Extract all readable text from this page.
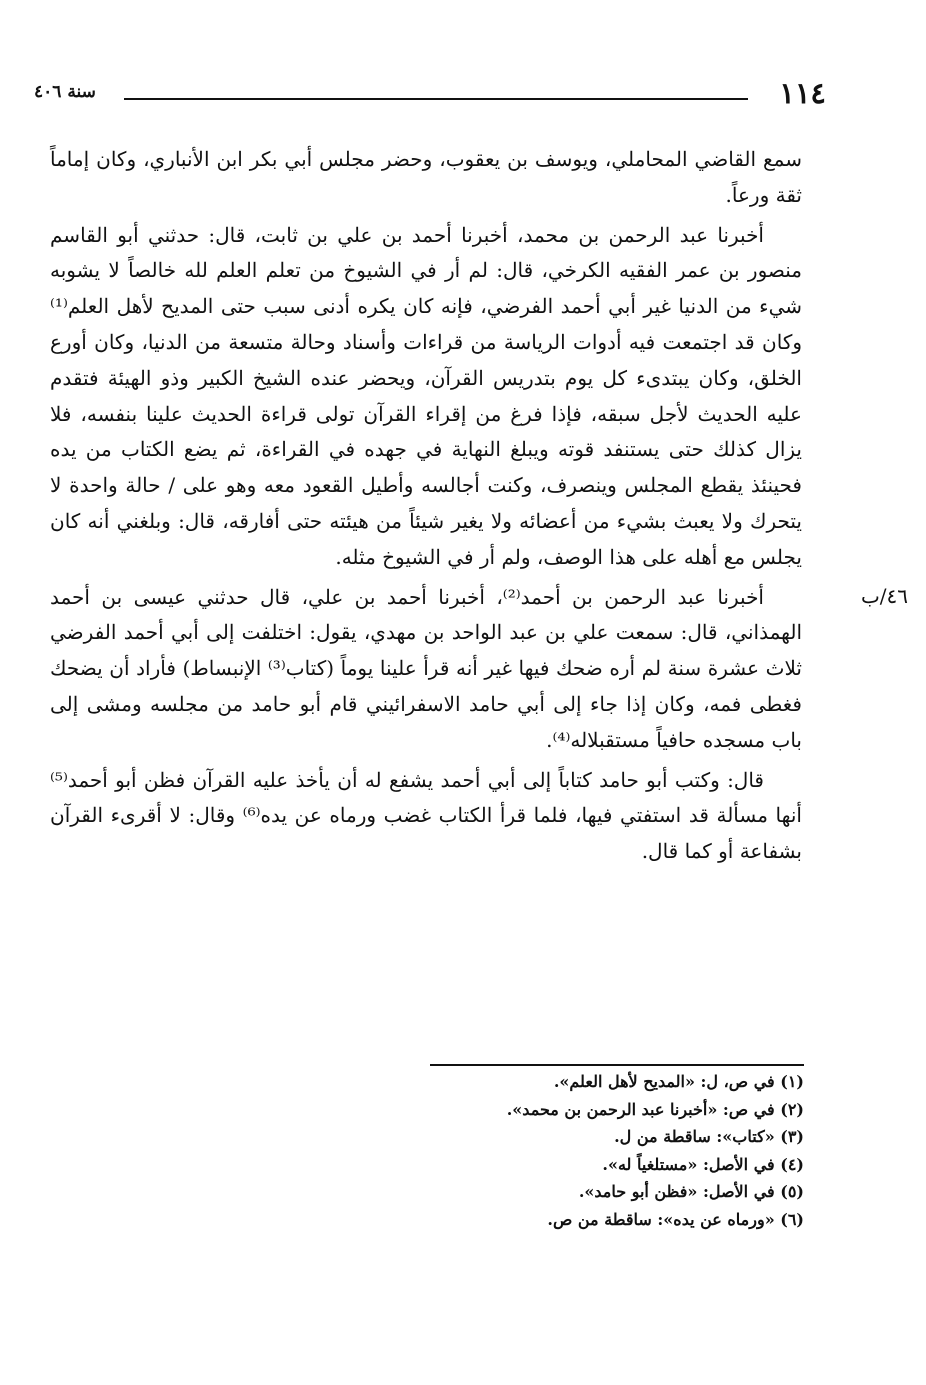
١١٤
سنة ٤٠٦
٤٦/ب

سمع القاضي المحاملي، ويوسف بن يعقوب، وحضر مجلس أبي بكر ابن الأنباري، وكان إماماً ثقة ورعاً.

أخبرنا عبد الرحمن بن محمد، أخبرنا أحمد بن علي بن ثابت، قال: حدثني أبو القاسم منصور بن عمر الفقيه الكرخي، قال: لم أر في الشيوخ من تعلم العلم لله خالصاً لا يشوبه شيء من الدنيا غير أبي أحمد الفرضي، فإنه كان يكره أدنى سبب حتى المديح لأهل العلم⁽¹⁾ وكان قد اجتمعت فيه أدوات الرياسة من قراءات وأسناد وحالة متسعة من الدنيا، وكان أورع الخلق، وكان يبتدىء كل يوم بتدريس القرآن، ويحضر عنده الشيخ الكبير وذو الهيئة فتقدم عليه الحديث لأجل سبقه، فإذا فرغ من إقراء القرآن تولى قراءة الحديث علينا بنفسه، فلا يزال كذلك حتى يستنفد قوته ويبلغ النهاية في جهده في القراءة، ثم يضع الكتاب من يده فحينئذ يقطع المجلس وينصرف، وكنت أجالسه وأطيل القعود معه وهو على / حالة واحدة لا يتحرك ولا يعبث بشيء من أعضائه ولا يغير شيئاً من هيئته حتى أفارقه، قال: وبلغني أنه كان يجلس مع أهله على هذا الوصف، ولم أر في الشيوخ مثله.

أخبرنا عبد الرحمن بن أحمد⁽²⁾، أخبرنا أحمد بن علي، قال حدثني عيسى بن أحمد الهمذاني، قال: سمعت علي بن عبد الواحد بن مهدي، يقول: اختلفت إلى أبي أحمد الفرضي ثلاث عشرة سنة لم أره ضحك فيها غير أنه قرأ علينا يوماً (كتاب⁽³⁾ الإنبساط) فأراد أن يضحك فغطى فمه، وكان إذا جاء إلى أبي حامد الاسفرائيني قام أبو حامد من مجلسه ومشى إلى باب مسجده حافياً مستقبلاله⁽⁴⁾.

قال: وكتب أبو حامد كتاباً إلى أبي أحمد يشفع له أن يأخذ عليه القرآن فظن أبو أحمد⁽⁵⁾ أنها مسألة قد استفتي فيها، فلما قرأ الكتاب غضب ورماه عن يده⁽⁶⁾ وقال: لا أقرىء القرآن بشفاعة أو كما قال.

(١) في ص، ل: «المديح لأهل العلم».
(٢) في ص: «أخبرنا عبد الرحمن بن محمد».
(٣) «كتاب»: ساقطة من ل.
(٤) في الأصل: «مستلغياً له».
(٥) في الأصل: «فظن أبو حامد».
(٦) «ورماه عن يده»: ساقطة من ص.
